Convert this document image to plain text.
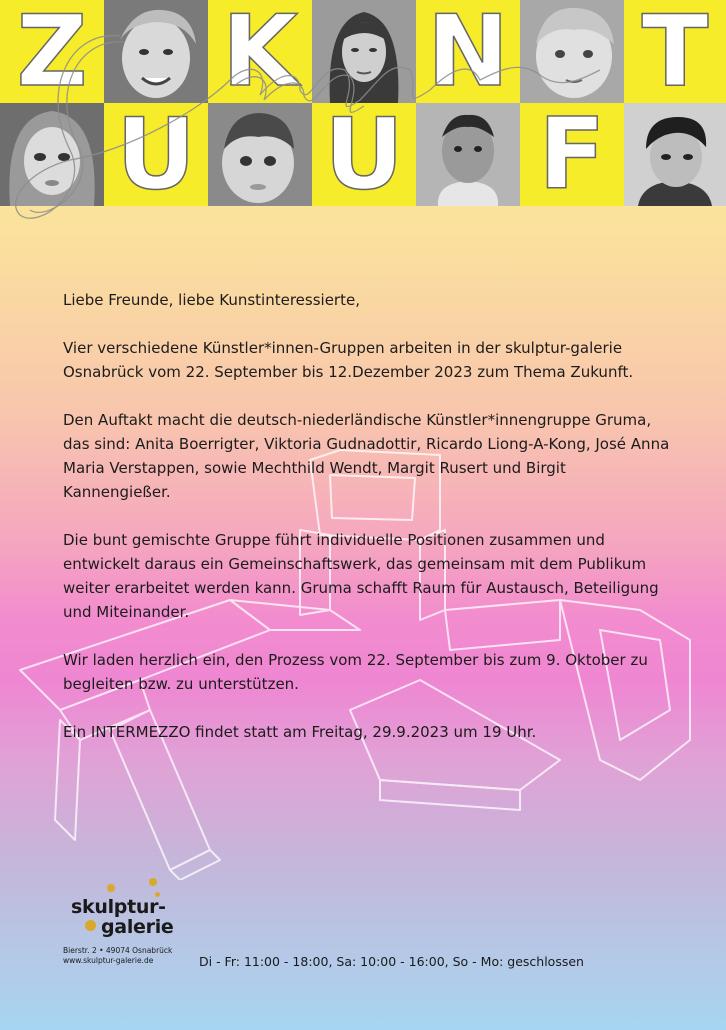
Z K N T
U U F

Liebe Freunde, liebe Kunstinteressierte,

Vier verschiedene Künstler*innen-Gruppen arbeiten in der skulptur-galerie Osnabrück vom 22. September bis 12.Dezember 2023 zum Thema Zukunft.

Den Auftakt macht die deutsch-niederländische Künstler*innengruppe Gruma, das sind: Anita Boerrigter, Viktoria Gudnadottir, Ricardo Liong-A-Kong, José Anna Maria Verstappen, sowie Mechthild Wendt, Margit Rusert und Birgit Kannengießer.

Die bunt gemischte Gruppe führt individuelle Positionen zusammen und entwickelt daraus ein Gemeinschaftswerk, das gemeinsam mit dem Publikum weiter erarbeitet werden kann. Gruma schafft Raum für Austausch, Beteiligung und Miteinander.

Wir laden herzlich ein, den Prozess vom 22. September bis zum 9. Oktober zu begleiten bzw. zu unterstützen.

Ein INTERMEZZO findet statt am Freitag, 29.9.2023 um 19 Uhr.

skulptur-
galerie
Bierstr. 2 • 49074 Osnabrück
www.skulptur-galerie.de	Di - Fr: 11:00 - 18:00, Sa: 10:00 - 16:00, So - Mo: geschlossen
